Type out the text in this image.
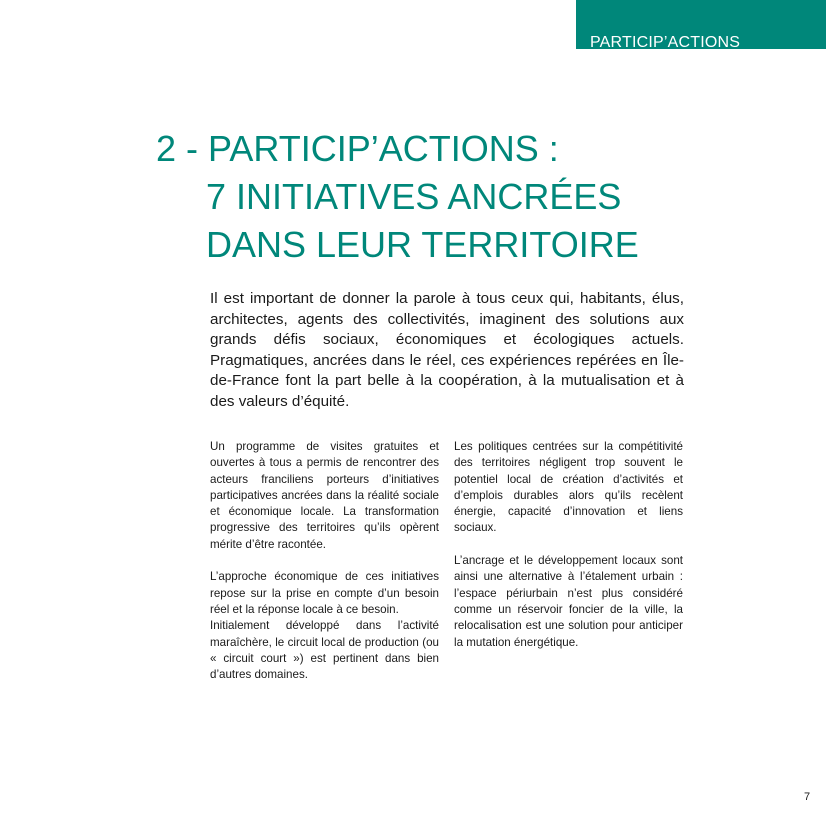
PARTICIP’ACTIONS
2 - PARTICIP’ACTIONS :
7 INITIATIVES ANCRÉES
DANS LEUR TERRITOIRE

Il est important de donner la parole à tous ceux qui, habitants, élus, architectes, agents des collectivités, imaginent des solutions aux grands défis sociaux, économiques et écologiques actuels. Pragmatiques, ancrées dans le réel, ces expériences repérées en Île-de-France font la part belle à la coopération, à la mutualisation et à des valeurs d’équité.

Un programme de visites gratuites et ouvertes à tous a permis de rencontrer des acteurs franciliens porteurs d’initiatives participatives ancrées dans la réalité sociale et économique locale. La transformation progressive des territoires qu’ils opèrent mérite d’être racontée.

L’approche économique de ces initiatives repose sur la prise en compte d’un besoin réel et la réponse locale à ce besoin.

Initialement développé dans l’activité maraîchère, le circuit local de production (ou « circuit court ») est pertinent dans bien d’autres domaines.

Les politiques centrées sur la compétitivité des territoires négligent trop souvent le potentiel local de création d’activités et d’emplois durables alors qu’ils recèlent énergie, capacité d’innovation et liens sociaux.

L’ancrage et le développement locaux sont ainsi une alternative à l’étalement urbain : l’espace périurbain n’est plus considéré comme un réservoir foncier de la ville, la relocalisation est une solution pour anticiper la mutation énergétique.

7
